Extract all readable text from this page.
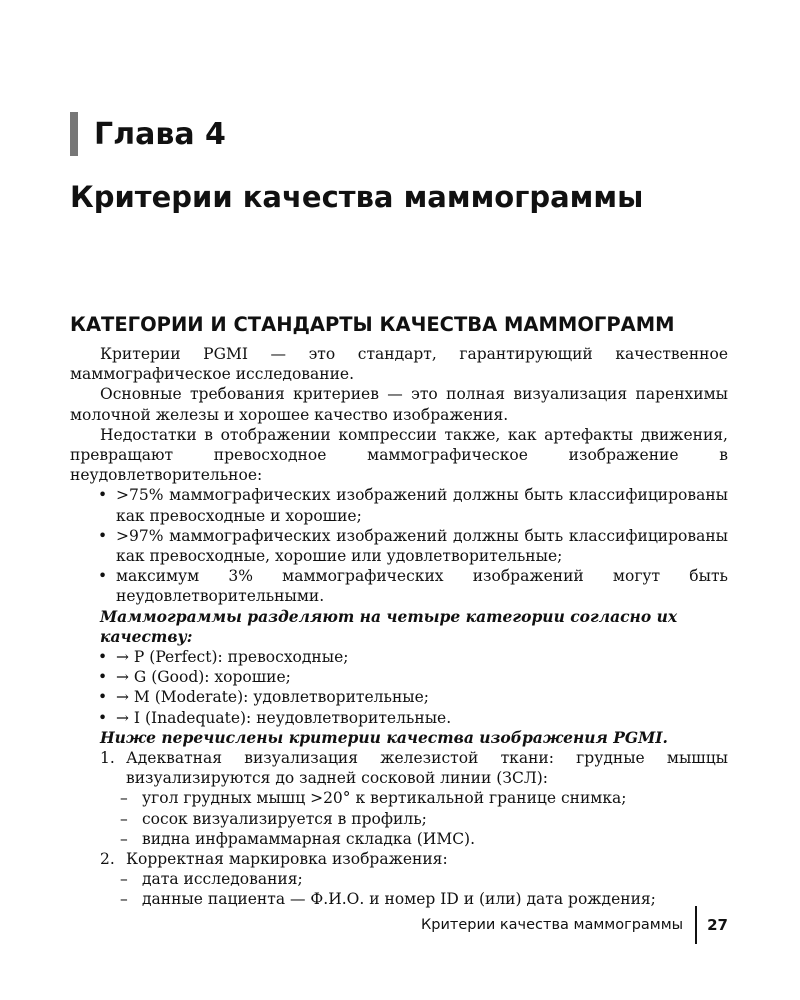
Глава 4
Критерии качества маммограммы
КАТЕГОРИИ И СТАНДАРТЫ КАЧЕСТВА МАММОГРАММ

Критерии PGMI — это стандарт, гарантирующий качественное маммографическое исследование.

Основные требования критериев — это полная визуализация паренхимы молочной железы и хорошее качество изображения.

Недостатки в отображении компрессии также, как артефакты движения, превращают превосходное маммографическое изображение в неудовлетворительное:

• >75% маммографических изображений должны быть классифицированы как превосходные и хорошие;
• >97% маммографических изображений должны быть классифицированы как превосходные, хорошие или удовлетворительные;
• максимум 3% маммографических изображений могут быть неудовлетворительными.
Маммограммы разделяют на четыре категории согласно их качеству:
• → P (Perfect): превосходные;
• → G (Good): хорошие;
• → M (Moderate): удовлетворительные;
• → I (Inadequate): неудовлетворительные.
Ниже перечислены критерии качества изображения PGMI.
1. Адекватная визуализация железистой ткани: грудные мышцы визуализируются до задней сосковой линии (ЗСЛ):
– угол грудных мышц >20° к вертикальной границе снимка;
– сосок визуализируется в профиль;
– видна инфрамаммарная складка (ИМС).
2. Корректная маркировка изображения:
– дата исследования;
– данные пациента — Ф.И.О. и номер ID и (или) дата рождения;
Критерии качества маммограммы 27
